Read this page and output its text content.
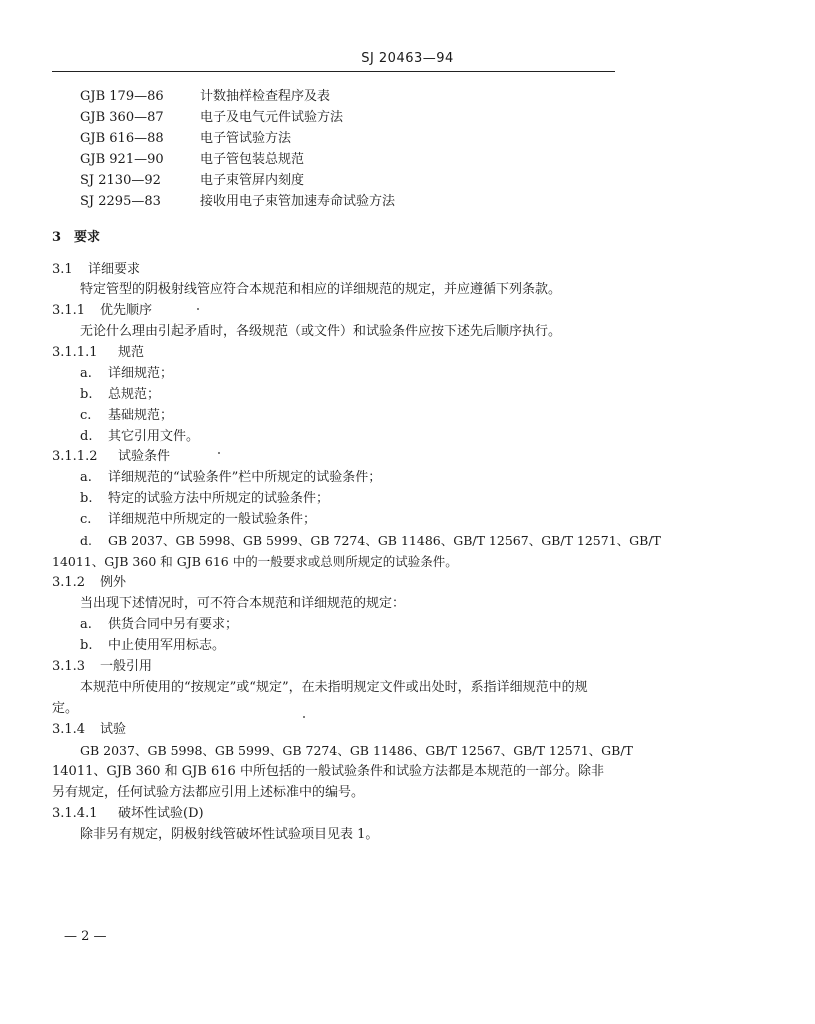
SJ 20463—94
GJB 179—86	计数抽样检查程序及表
GJB 360—87	电子及电气元件试验方法
GJB 616—88	电子管试验方法
GJB 921—90	电子管包装总规范
SJ 2130—92	电子束管屏内刻度
SJ 2295—83	接收用电子束管加速寿命试验方法
3 要求
3.1 详细要求
特定管型的阴极射线管应符合本规范和相应的详细规范的规定，并应遵循下列条款。
3.1.1 优先顺序
无论什么理由引起矛盾时，各级规范（或文件）和试验条件应按下述先后顺序执行。
3.1.1.1 规范
a. 详细规范；
b. 总规范；
c. 基础规范；
d. 其它引用文件。
3.1.1.2 试验条件
a. 详细规范的“试验条件”栏中所规定的试验条件；
b. 特定的试验方法中所规定的试验条件；
c. 详细规范中所规定的一般试验条件；
d. GB 2037、GB 5998、GB 5999、GB 7274、GB 11486、GB/T 12567、GB/T 12571、GB/T
14011、GJB 360 和 GJB 616 中的一般要求或总则所规定的试验条件。
3.1.2 例外
当出现下述情况时，可不符合本规范和详细规范的规定：
a. 供货合同中另有要求；
b. 中止使用军用标志。
3.1.3 一般引用
本规范中所使用的“按规定”或“规定”，在未指明规定文件或出处时，系指详细规范中的规
定。
3.1.4 试验
GB 2037、GB 5998、GB 5999、GB 7274、GB 11486、GB/T 12567、GB/T 12571、GB/T
14011、GJB 360 和 GJB 616 中所包括的一般试验条件和试验方法都是本规范的一部分。除非
另有规定，任何试验方法都应引用上述标准中的编号。
3.1.4.1 破坏性试验(D)
除非另有规定，阴极射线管破坏性试验项目见表 1。
— 2 —
